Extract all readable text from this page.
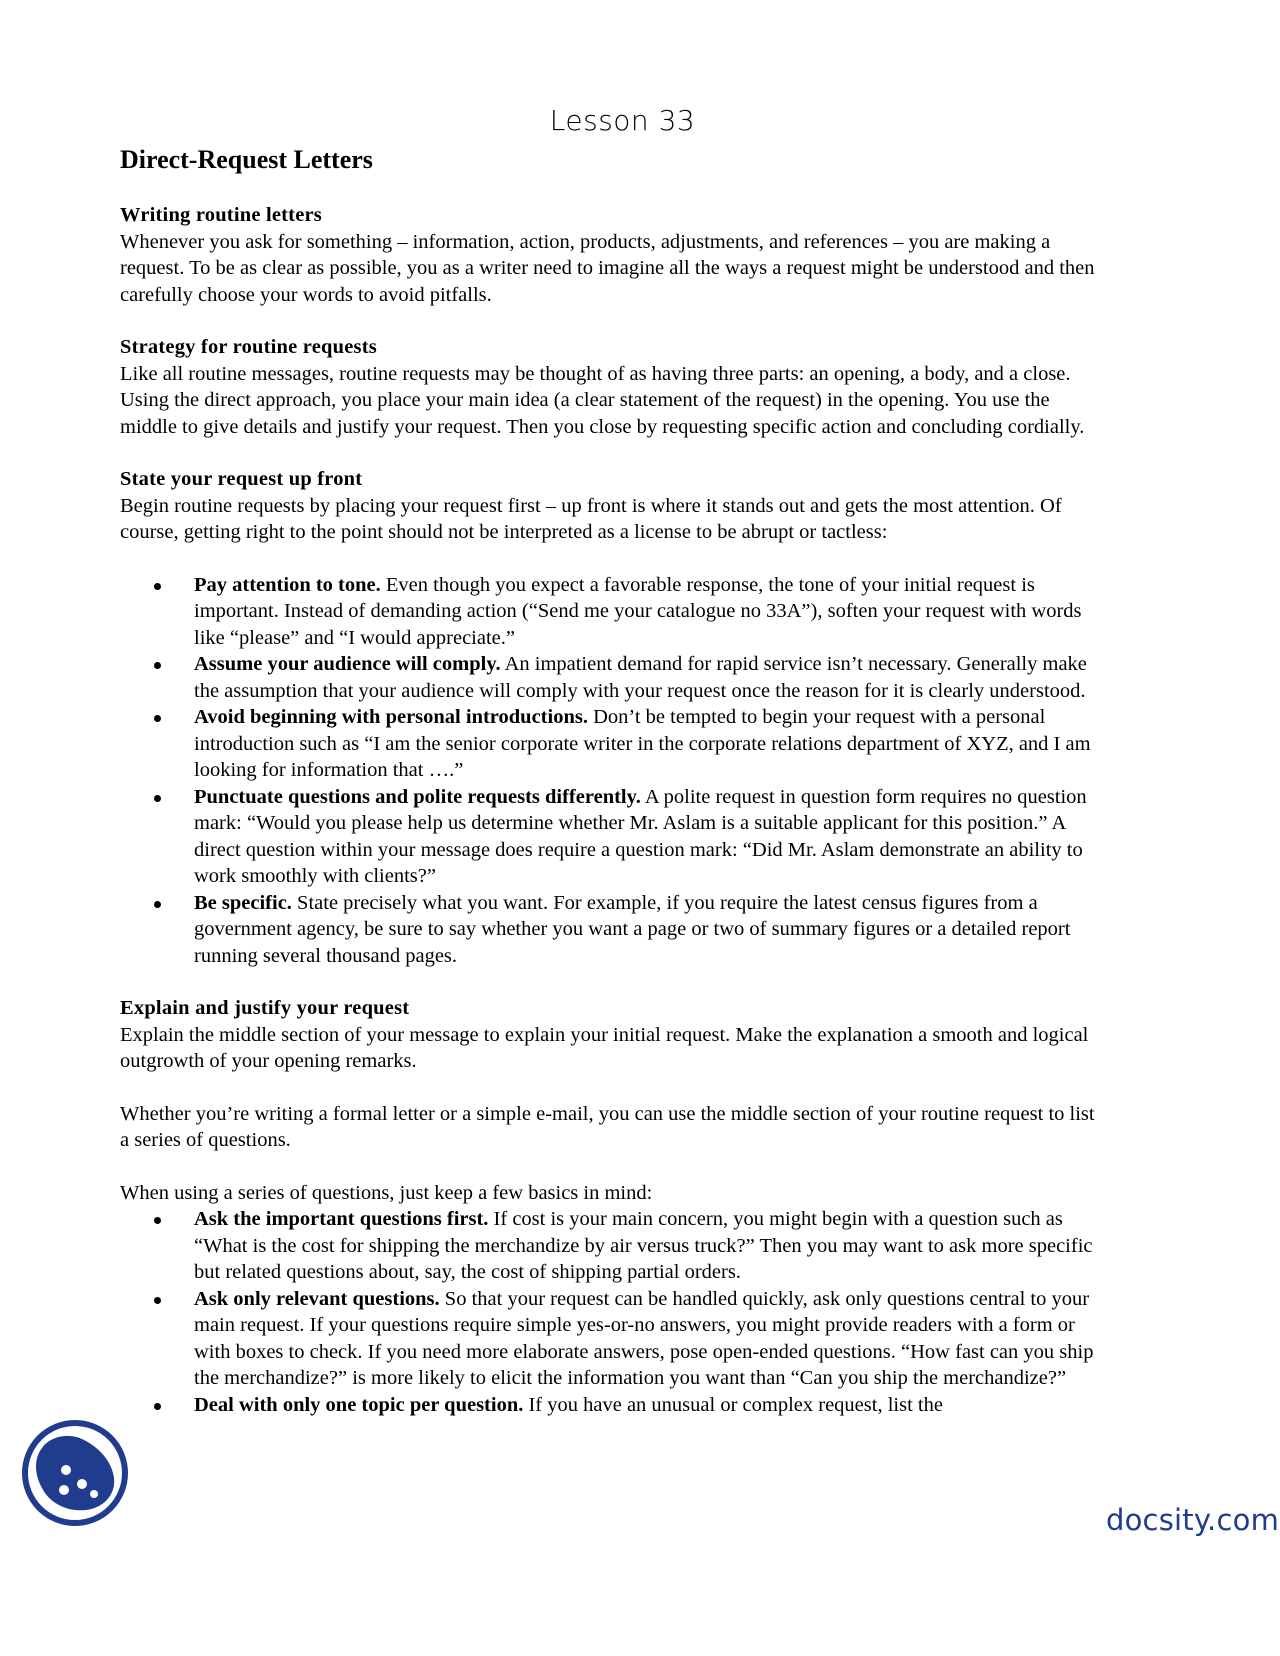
Lesson 33
Direct-Request Letters
Writing routine letters

Whenever you ask for something – information, action, products, adjustments, and references – you are making a request. To be as clear as possible, you as a writer need to imagine all the ways a request might be understood and then carefully choose your words to avoid pitfalls.

Strategy for routine requests

Like all routine messages, routine requests may be thought of as having three parts: an opening, a body, and a close. Using the direct approach, you place your main idea (a clear statement of the request) in the opening. You use the middle to give details and justify your request. Then you close by requesting specific action and concluding cordially.

State your request up front

Begin routine requests by placing your request first – up front is where it stands out and gets the most attention. Of course, getting right to the point should not be interpreted as a license to be abrupt or tactless:

Pay attention to tone. Even though you expect a favorable response, the tone of your initial request is important. Instead of demanding action (“Send me your catalogue no 33A”), soften your request with words like “please” and “I would appreciate.”
Assume your audience will comply. An impatient demand for rapid service isn’t necessary. Generally make the assumption that your audience will comply with your request once the reason for it is clearly understood.
Avoid beginning with personal introductions. Don’t be tempted to begin your request with a personal introduction such as “I am the senior corporate writer in the corporate relations department of XYZ, and I am looking for information that ….”
Punctuate questions and polite requests differently. A polite request in question form requires no question mark: “Would you please help us determine whether Mr. Aslam is a suitable applicant for this position.” A direct question within your message does require a question mark: “Did Mr. Aslam demonstrate an ability to work smoothly with clients?”
Be specific. State precisely what you want. For example, if you require the latest census figures from a government agency, be sure to say whether you want a page or two of summary figures or a detailed report running several thousand pages.
Explain and justify your request

Explain the middle section of your message to explain your initial request. Make the explanation a smooth and logical outgrowth of your opening remarks.

Whether you’re writing a formal letter or a simple e-mail, you can use the middle section of your routine request to list a series of questions.

When using a series of questions, just keep a few basics in mind:

Ask the important questions first. If cost is your main concern, you might begin with a question such as “What is the cost for shipping the merchandize by air versus truck?” Then you may want to ask more specific but related questions about, say, the cost of shipping partial orders.
Ask only relevant questions. So that your request can be handled quickly, ask only questions central to your main request. If your questions require simple yes-or-no answers, you might provide readers with a form or with boxes to check. If you need more elaborate answers, pose open-ended questions. “How fast can you ship the merchandize?” is more likely to elicit the information you want than “Can you ship the merchandize?”
Deal with only one topic per question. If you have an unusual or complex request, list the
docsity.com
